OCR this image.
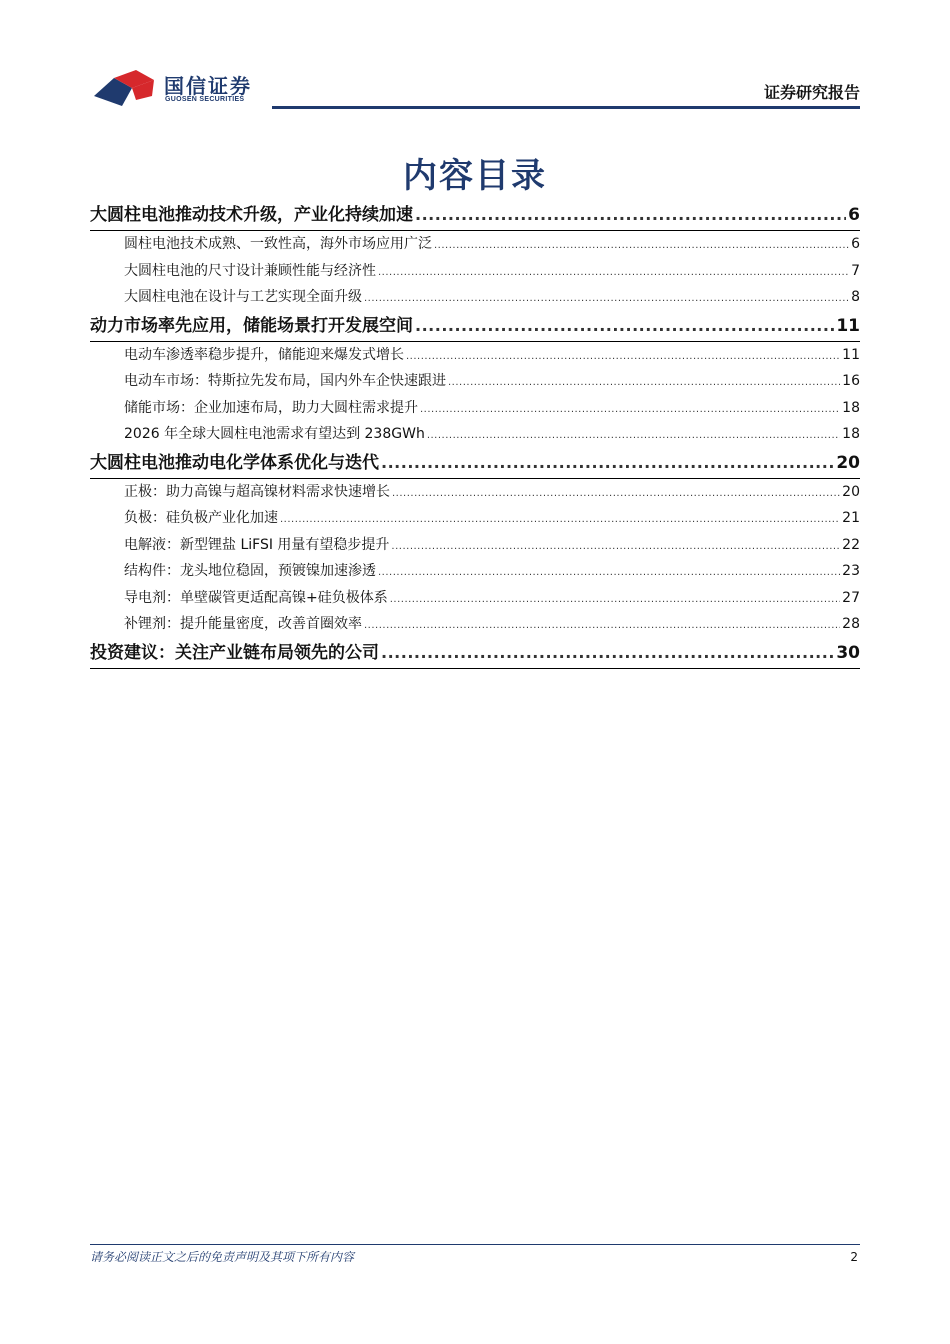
国信证券
GUOSEN SECURITIES	证券研究报告
内容目录
大圆柱电池推动技术升级，产业化持续加速 .....	6
圆柱电池技术成熟、一致性高，海外市场应用广泛 .....	6
大圆柱电池的尺寸设计兼顾性能与经济性 .....	7
大圆柱电池在设计与工艺实现全面升级 .....	8
动力市场率先应用，储能场景打开发展空间 .....	11
电动车渗透率稳步提升，储能迎来爆发式增长 .....	11
电动车市场：特斯拉先发布局，国内外车企快速跟进 .....	16
储能市场：企业加速布局，助力大圆柱需求提升 .....	18
2026 年全球大圆柱电池需求有望达到 238GWh .....	18
大圆柱电池推动电化学体系优化与迭代 .....	20
正极：助力高镍与超高镍材料需求快速增长 .....	20
负极：硅负极产业化加速 .....	21
电解液：新型锂盐 LiFSI 用量有望稳步提升 .....	22
结构件：龙头地位稳固，预镀镍加速渗透 .....	23
导电剂：单壁碳管更适配高镍+硅负极体系 .....	27
补锂剂：提升能量密度，改善首圈效率 .....	28
投资建议：关注产业链布局领先的公司 .....	30
请务必阅读正文之后的免责声明及其项下所有内容	2
